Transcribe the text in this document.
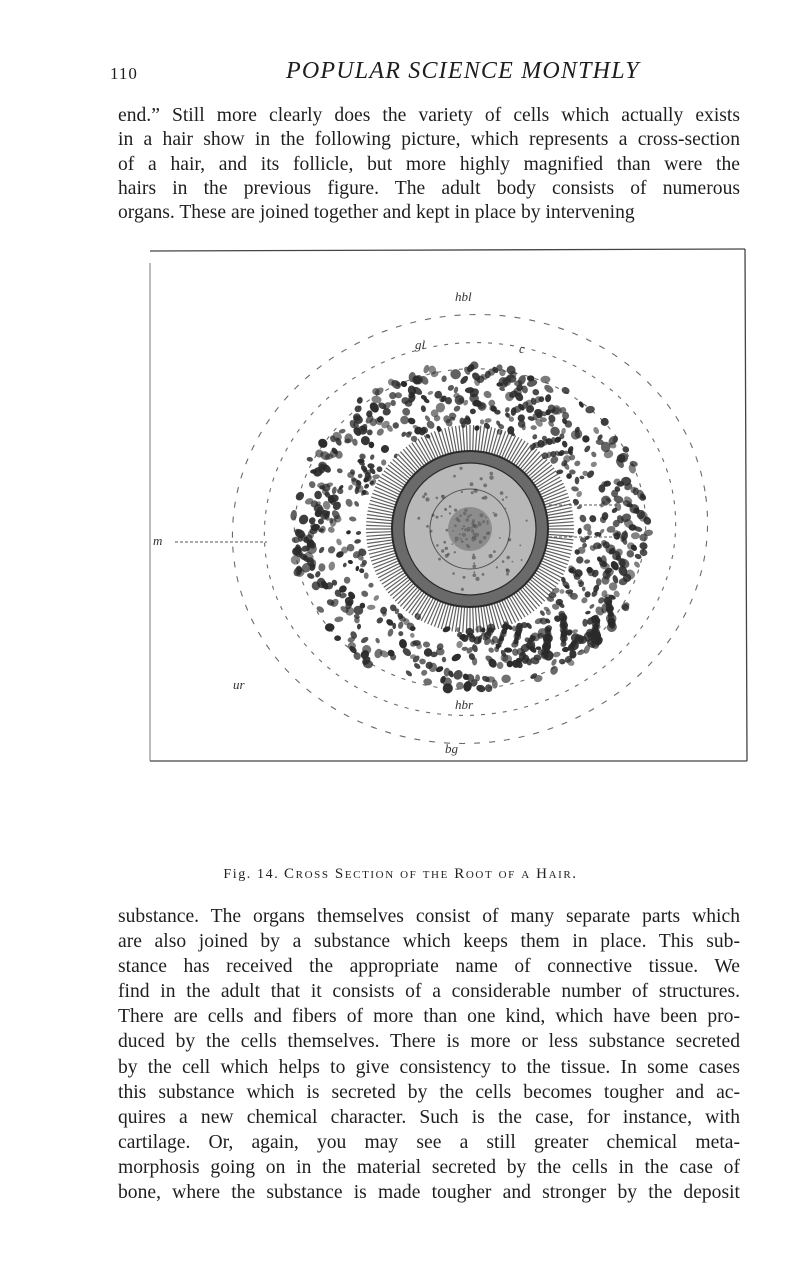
110	POPULAR SCIENCE MONTHLY
end.” Still more clearly does the variety of cells which actually exists
in a hair show in the following picture, which represents a cross-section
of a hair, and its follicle, but more highly magnified than were the
hairs in the previous figure. The adult body consists of numerous
organs. These are joined together and kept in place by intervening
hbl
gl	c
m	l
ur
hbr
bg
Fig. 14. Cross Section of the Root of a Hair.
substance. The organs themselves consist of many separate parts which
are also joined by a substance which keeps them in place. This sub-
stance has received the appropriate name of connective tissue. We
find in the adult that it consists of a considerable number of structures.
There are cells and fibers of more than one kind, which have been pro-
duced by the cells themselves. There is more or less substance secreted
by the cell which helps to give consistency to the tissue. In some cases
this substance which is secreted by the cells becomes tougher and ac-
quires a new chemical character. Such is the case, for instance, with
cartilage. Or, again, you may see a still greater chemical meta-
morphosis going on in the material secreted by the cells in the case of
bone, where the substance is made tougher and stronger by the deposit
